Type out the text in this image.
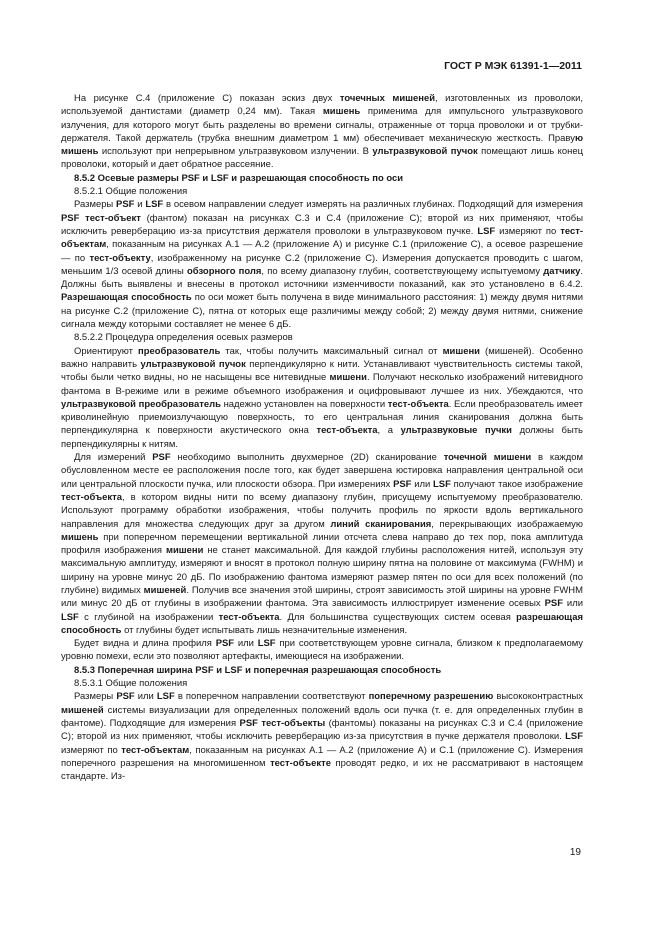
ГОСТ Р МЭК 61391-1—2011

На рисунке C.4 (приложение C) показан эскиз двух точечных мишеней, изготовленных из проволоки, используемой дантистами (диаметр 0,24 мм). Такая мишень применима для импульсного ультразвукового излучения, для которого могут быть разделены во времени сигналы, отраженные от торца проволоки и от трубки-держателя. Такой держатель (трубка внешним диаметром 1 мм) обеспечивает механическую жесткость. Правую мишень используют при непрерывном ультразвуковом излучении. В ультразвуковой пучок помещают лишь конец проволоки, который и дает обратное рассеяние.

8.5.2 Осевые размеры PSF и LSF и разрешающая способность по оси

8.5.2.1 Общие положения

Размеры PSF и LSF в осевом направлении следует измерять на различных глубинах. Подходящий для измерения PSF тест-объект (фантом) показан на рисунках C.3 и C.4 (приложение C); второй из них применяют, чтобы исключить реверберацию из-за присутствия держателя проволоки в ультразвуковом пучке. LSF измеряют по тест-объектам, показанным на рисунках A.1 — A.2 (приложение A) и рисунке C.1 (приложение C), а осевое разрешение — по тест-объекту, изображенному на рисунке C.2 (приложение C). Измерения допускается проводить с шагом, меньшим 1/3 осевой длины обзорного поля, по всему диапазону глубин, соответствующему испытуемому датчику. Должны быть выявлены и внесены в протокол источники изменчивости показаний, как это установлено в 6.4.2. Разрешающая способность по оси может быть получена в виде минимального расстояния: 1) между двумя нитями на рисунке C.2 (приложение C), пятна от которых еще различимы между собой; 2) между двумя нитями, снижение сигнала между которыми составляет не менее 6 дБ.

8.5.2.2 Процедура определения осевых размеров

Ориентируют преобразователь так, чтобы получить максимальный сигнал от мишени (мишеней). Особенно важно направить ультразвуковой пучок перпендикулярно к нити. Устанавливают чувствительность системы такой, чтобы были четко видны, но не насыщены все нитевидные мишени. Получают несколько изображений нитевидного фантома в B-режиме или в режиме объемного изображения и оцифровывают лучшее из них. Убеждаются, что ультразвуковой преобразователь надежно установлен на поверхности тест-объекта. Если преобразователь имеет криволинейную приемоизлучающую поверхность, то его центральная линия сканирования должна быть перпендикулярна к поверхности акустического окна тест-объекта, а ультразвуковые пучки должны быть перпендикулярны к нитям.

Для измерений PSF необходимо выполнить двухмерное (2D) сканирование точечной мишени в каждом обусловленном месте ее расположения после того, как будет завершена юстировка направления центральной оси или центральной плоскости пучка, или плоскости обзора. При измерениях PSF или LSF получают такое изображение тест-объекта, в котором видны нити по всему диапазону глубин, присущему испытуемому преобразователю. Используют программу обработки изображения, чтобы получить профиль по яркости вдоль вертикального направления для множества следующих друг за другом линий сканирования, перекрывающих изображаемую мишень при поперечном перемещении вертикальной линии отсчета слева направо до тех пор, пока амплитуда профиля изображения мишени не станет максимальной. Для каждой глубины расположения нитей, используя эту максимальную амплитуду, измеряют и вносят в протокол полную ширину пятна на половине от максимума (FWHM) и ширину на уровне минус 20 дБ. По изображению фантома измеряют размер пятен по оси для всех положений (по глубине) видимых мишеней. Получив все значения этой ширины, строят зависимость этой ширины на уровне FWHM или минус 20 дБ от глубины в изображении фантома. Эта зависимость иллюстрирует изменение осевых PSF или LSF с глубиной на изображении тест-объекта. Для большинства существующих систем осевая разрешающая способность от глубины будет испытывать лишь незначительные изменения.

Будет видна и длина профиля PSF или LSF при соответствующем уровне сигнала, близком к предполагаемому уровню помехи, если это позволяют артефакты, имеющиеся на изображении.

8.5.3 Поперечная ширина PSF и LSF и поперечная разрешающая способность

8.5.3.1 Общие положения

Размеры PSF или LSF в поперечном направлении соответствуют поперечному разрешению высококонтрастных мишеней системы визуализации для определенных положений вдоль оси пучка (т. е. для определенных глубин в фантоме). Подходящие для измерения PSF тест-объекты (фантомы) показаны на рисунках C.3 и C.4 (приложение C); второй из них применяют, чтобы исключить реверберацию из-за присутствия в пучке держателя проволоки. LSF измеряют по тест-объектам, показанным на рисунках A.1 — A.2 (приложение A) и C.1 (приложение C). Измерения поперечного разрешения на многомишенном тест-объекте проводят редко, и их не рассматривают в настоящем стандарте. Из-

19
